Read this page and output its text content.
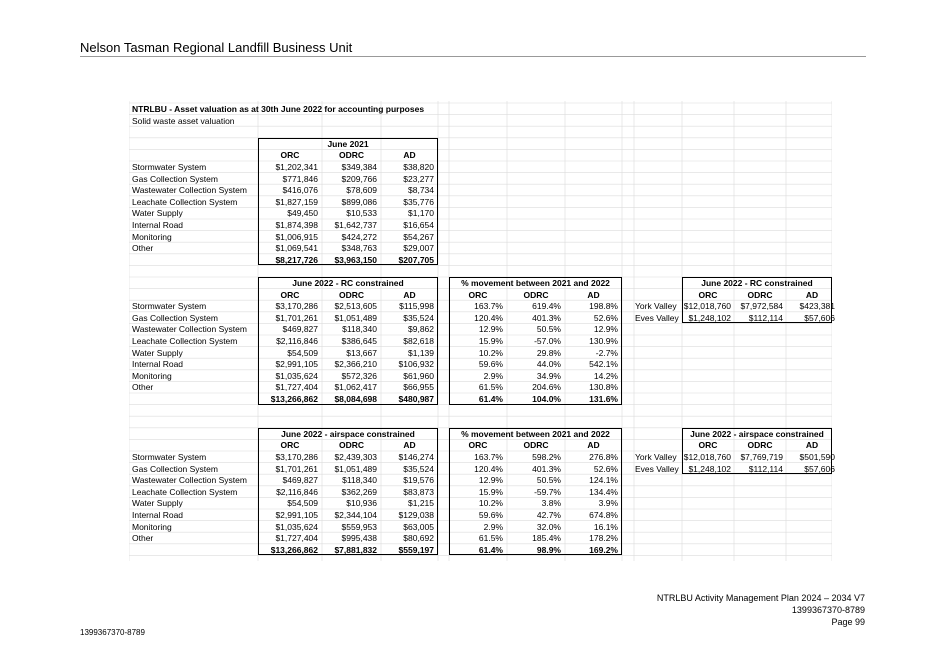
Nelson Tasman Regional Landfill Business Unit
NTRLBU - Asset valuation as at 30th June 2022 for accounting purposes
Solid waste asset valuation
June 2021
ORC	ODRC	AD
Stormwater System	$1,202,341	$349,384	$38,820
Gas Collection System	$771,846	$209,766	$23,277
Wastewater Collection System	$416,076	$78,609	$8,734
Leachate Collection System	$1,827,159	$899,086	$35,776
Water Supply	$49,450	$10,533	$1,170
Internal Road	$1,874,398	$1,642,737	$16,654
Monitoring	$1,006,915	$424,272	$54,267
Other	$1,069,541	$348,763	$29,007
$8,217,726	$3,963,150	$207,705
June 2022 - RC constrained
ORC	ODRC	AD
Stormwater System	$3,170,286	$2,513,605	$115,998
Gas Collection System	$1,701,261	$1,051,489	$35,524
Wastewater Collection System	$469,827	$118,340	$9,862
Leachate Collection System	$2,116,846	$386,645	$82,618
Water Supply	$54,509	$13,667	$1,139
Internal Road	$2,991,105	$2,366,210	$106,932
Monitoring	$1,035,624	$572,326	$61,960
Other	$1,727,404	$1,062,417	$66,955
$13,266,862	$8,084,698	$480,987
% movement between 2021 and 2022
ORC	ODRC	AD
163.7%	619.4%	198.8%
120.4%	401.3%	52.6%
12.9%	50.5%	12.9%
15.9%	-57.0%	130.9%
10.2%	29.8%	-2.7%
59.6%	44.0%	542.1%
2.9%	34.9%	14.2%
61.5%	204.6%	130.8%
61.4%	104.0%	131.6%
June 2022 - airspace constrained
ORC	ODRC	AD
Stormwater System	$3,170,286	$2,439,303	$146,274
Gas Collection System	$1,701,261	$1,051,489	$35,524
Wastewater Collection System	$469,827	$118,340	$19,576
Leachate Collection System	$2,116,846	$362,269	$83,873
Water Supply	$54,509	$10,936	$1,215
Internal Road	$2,991,105	$2,344,104	$129,038
Monitoring	$1,035,624	$559,953	$63,005
Other	$1,727,404	$995,438	$80,692
$13,266,862	$7,881,832	$559,197
% movement between 2021 and 2022
ORC	ODRC	AD
163.7%	598.2%	276.8%
120.4%	401.3%	52.6%
12.9%	50.5%	124.1%
15.9%	-59.7%	134.4%
10.2%	3.8%	3.9%
59.6%	42.7%	674.8%
2.9%	32.0%	16.1%
61.5%	185.4%	178.2%
61.4%	98.9%	169.2%
June 2022 - RC constrained
ORC	ODRC	AD
York Valley $12,018,760	$7,972,584	$423,381
Eves Valley	$1,248,102	$112,114	$57,606
June 2022 - airspace constrained
ORC	ODRC	AD
York Valley $12,018,760	$7,769,719	$501,590
Eves Valley	$1,248,102	$112,114	$57,606
NTRLBU Activity Management Plan 2024 – 2034 V7
1399367370-8789
Page 99
1399367370-8789
